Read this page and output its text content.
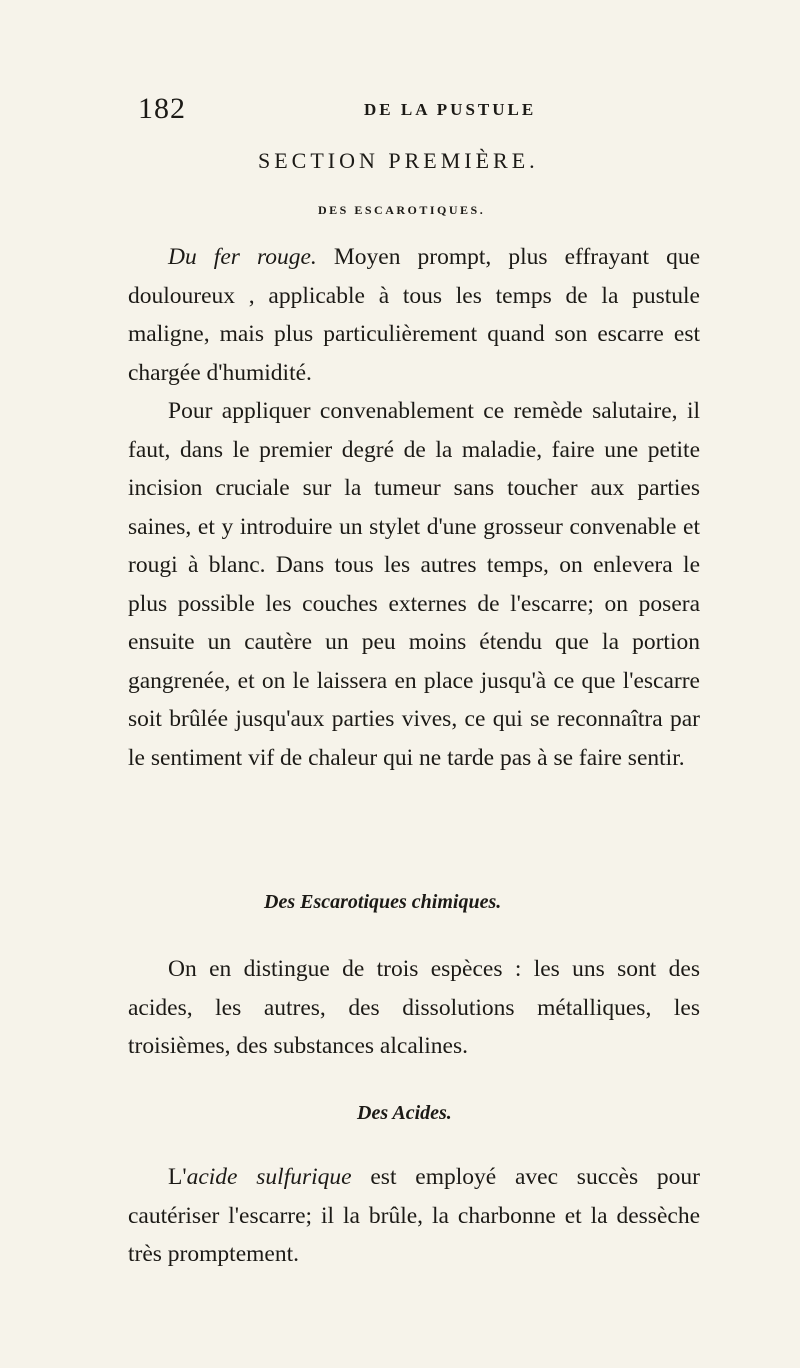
182	DE LA PUSTULE
SECTION PREMIÈRE.
DES ESCAROTIQUES.

Du fer rouge. Moyen prompt, plus effrayant que douloureux , applicable à tous les temps de la pustule maligne, mais plus particulièrement quand son escarre est chargée d'humidité.

Pour appliquer convenablement ce remède salutaire, il faut, dans le premier degré de la maladie, faire une petite incision cruciale sur la tumeur sans toucher aux parties saines, et y introduire un stylet d'une grosseur convenable et rougi à blanc. Dans tous les autres temps, on enlevera le plus possible les couches externes de l'escarre; on posera ensuite un cautère un peu moins étendu que la portion gangrenée, et on le laissera en place jusqu'à ce que l'escarre soit brûlée jusqu'aux parties vives, ce qui se reconnaîtra par le sentiment vif de chaleur qui ne tarde pas à se faire sentir.

Des Escarotiques chimiques.

On en distingue de trois espèces : les uns sont des acides, les autres, des dissolutions métalliques, les troisièmes, des substances alcalines.

Des Acides.

L'acide sulfurique est employé avec succès pour cautériser l'escarre; il la brûle, la charbonne et la dessèche très promptement.
